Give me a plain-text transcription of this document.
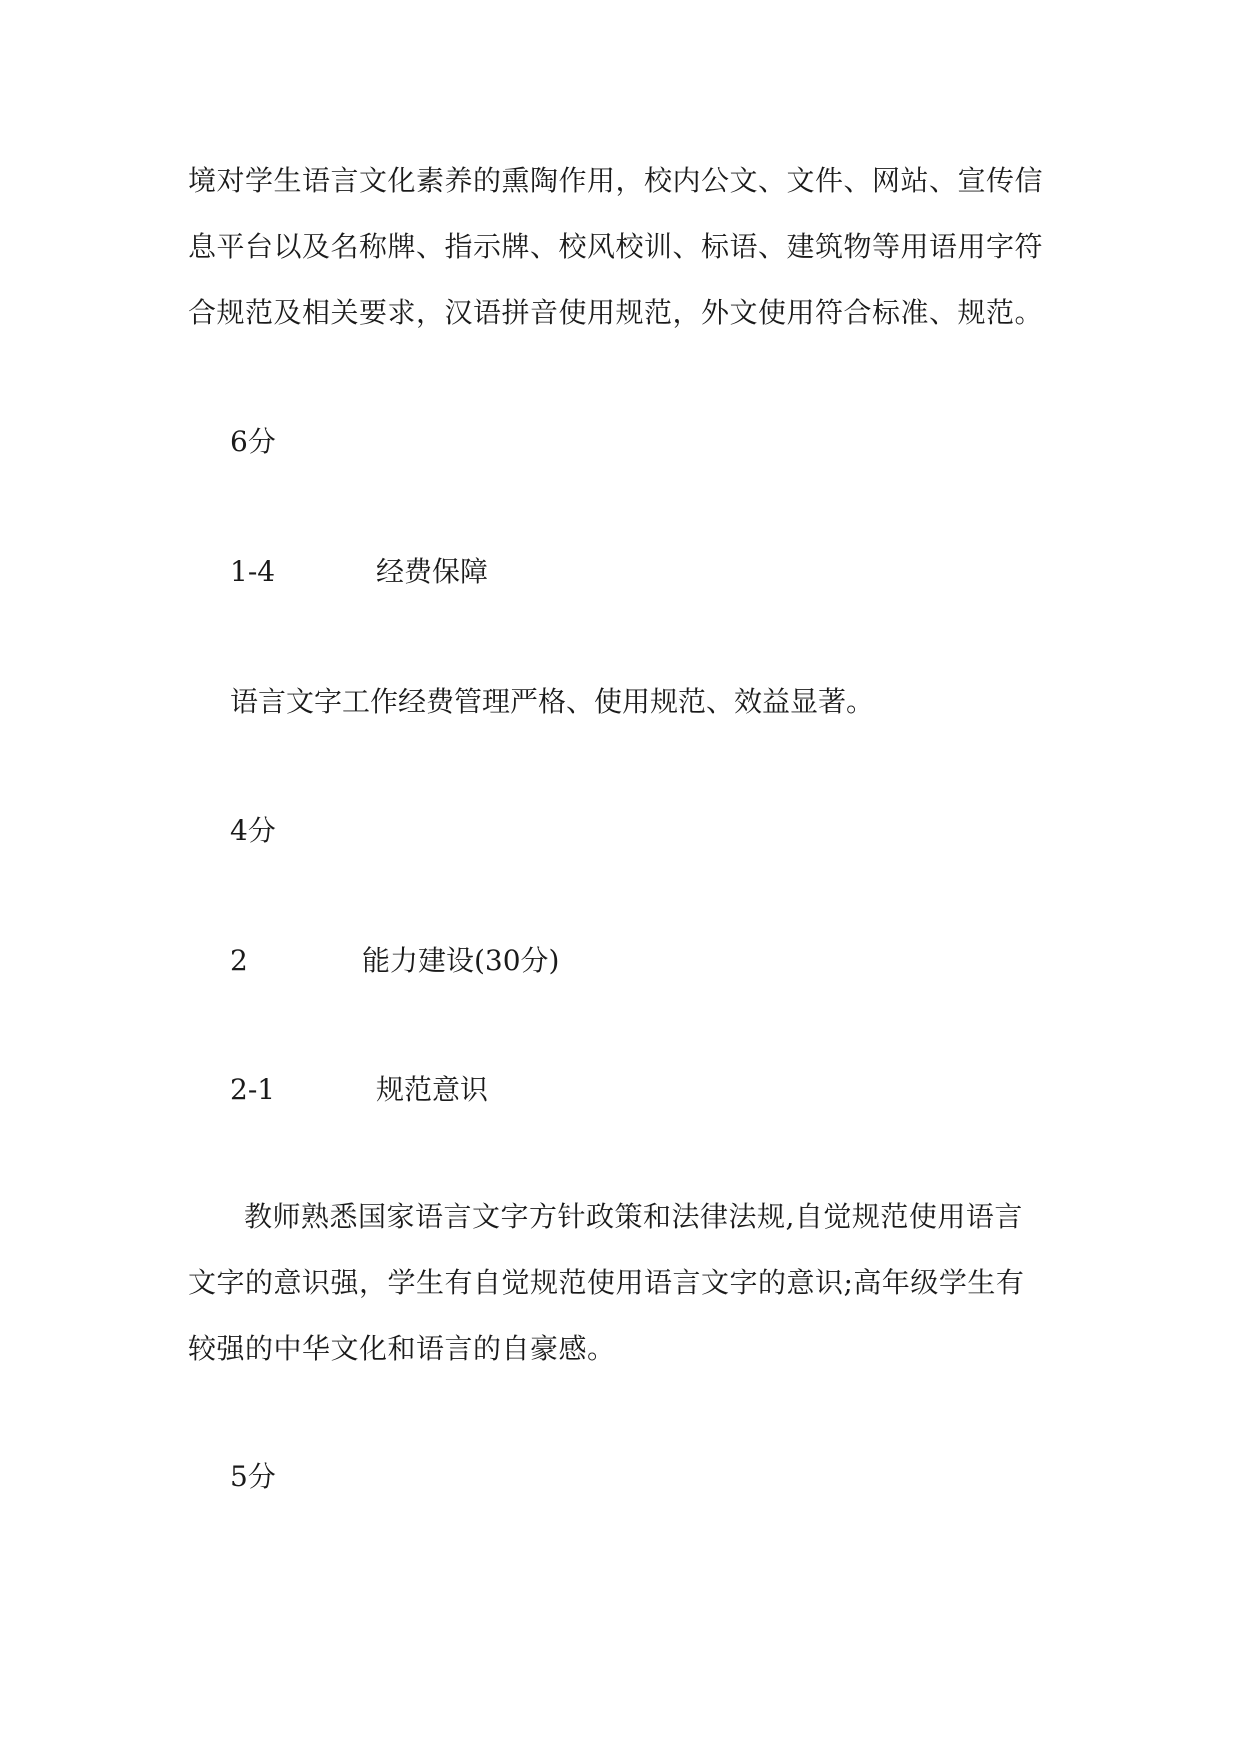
境对学生语言文化素养的熏陶作用，校内公文、文件、网站、宣传信
息平台以及名称牌、指示牌、校风校训、标语、建筑物等用语用字符
合规范及相关要求，汉语拼音使用规范，外文使用符合标准、规范。
6分
1-4	经费保障
语言文字工作经费管理严格、使用规范、效益显著。
4分
2	能力建设(30分)
2-1	规范意识
教师熟悉国家语言文字方针政策和法律法规,自觉规范使用语言
文字的意识强，学生有自觉规范使用语言文字的意识;高年级学生有
较强的中华文化和语言的自豪感。
5分
